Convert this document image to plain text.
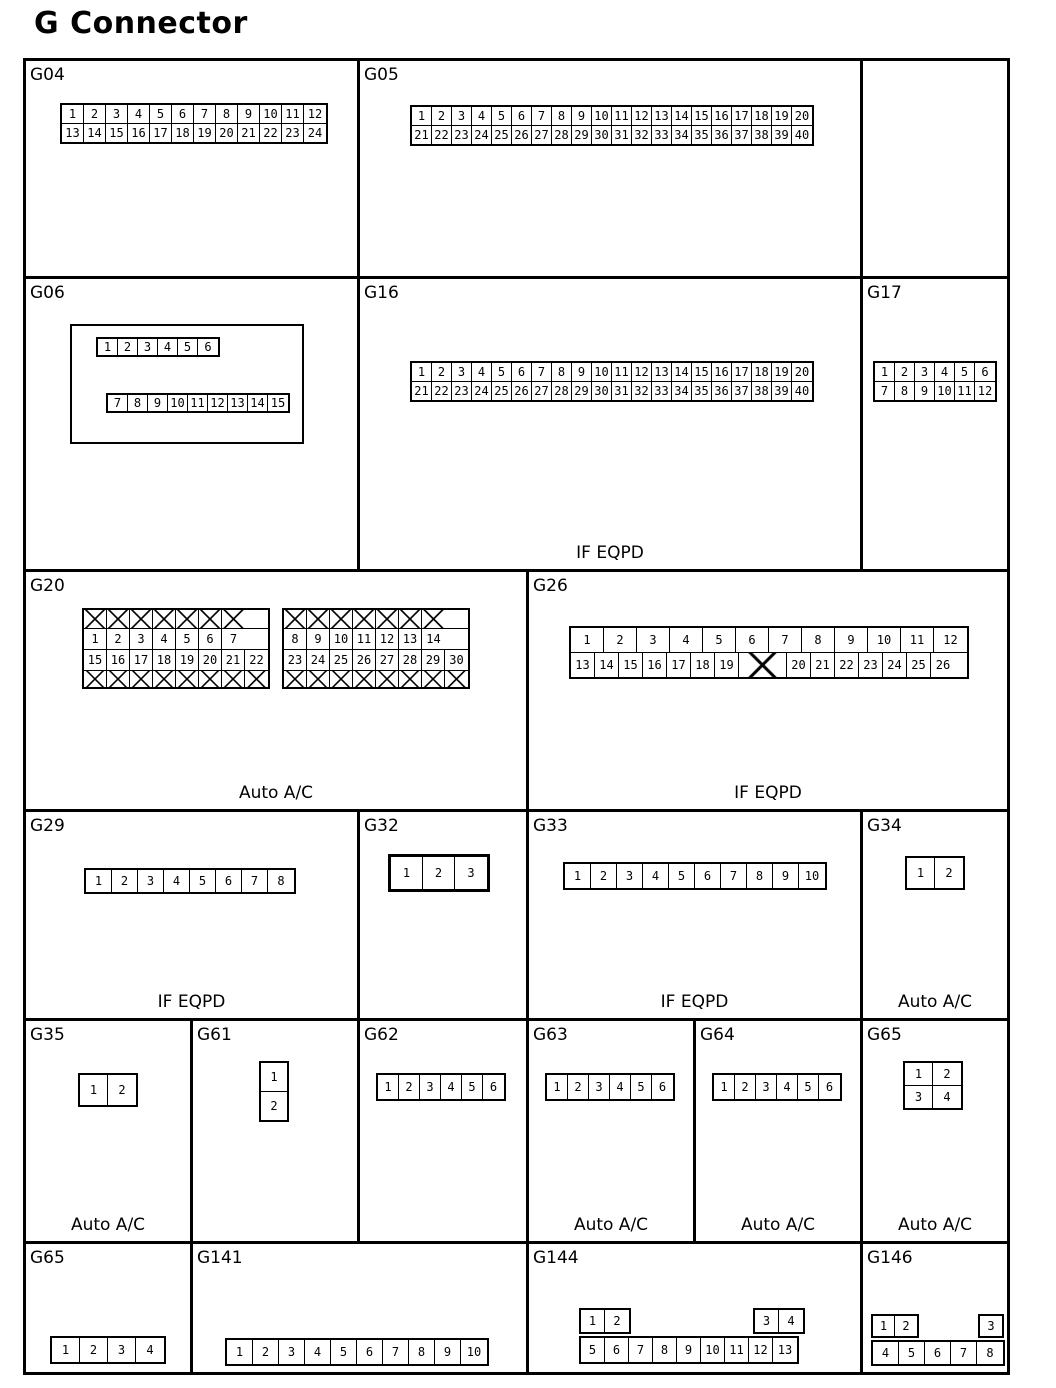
G Connector
G04
1	2	3	4	5	6	7	8	9 10 11 12
13 14 15 16 17 18 19 20 21 22 23 24
G05
1	2	3	4	5	6	7	8	9 10 11 12 13 14 15 16 17 18 19 20
21 22 23 24 25 26 27 28 29 30 31 32 33 34 35 36 37 38 39 40
G06
1	2	3	4	5	6
7	8	9 10 11 12 13 14 15
G16
1	2	3	4	5	6	7	8	9 10 11 12 13 14 15 16 17 18 19 20
21 22 23 24 25 26 27 28 29 30 31 32 33 34 35 36 37 38 39 40
IF EQPD
G17
1	2	3	4	5	6
7	8	9 10 11 12
G20
1	2	3	4	5	6	7
15 16 17 18 19 20 21 22
8	9	10 11 12 13 14
23 24 25 26 27 28 29 30
Auto A/C
G26
1	2	3	4	5	6	7	8	9	10	11	12
13 14 15 16 17 18 19	20 21 22 23 24 25 26
IF EQPD
G29
1	2	3	4	5	6	7	8
IF EQPD
G32
1	2	3
G33
1	2	3	4	5	6	7	8	9	10
IF EQPD
G34
1	2
Auto A/C
G35
1	2
Auto A/C
G61
1
2
G62
1	2	3	4	5	6
G63
1	2	3	4	5	6
Auto A/C
G64
1	2	3	4	5	6
Auto A/C
G65
1	2
3	4
Auto A/C
G65
1	2	3	4
G141
1	2	3	4	5	6	7	8	9	10
G144
1	2	3	4
5	6	7	8	9	10 11 12 13
G146
1	2	3
4	5	6	7	8
